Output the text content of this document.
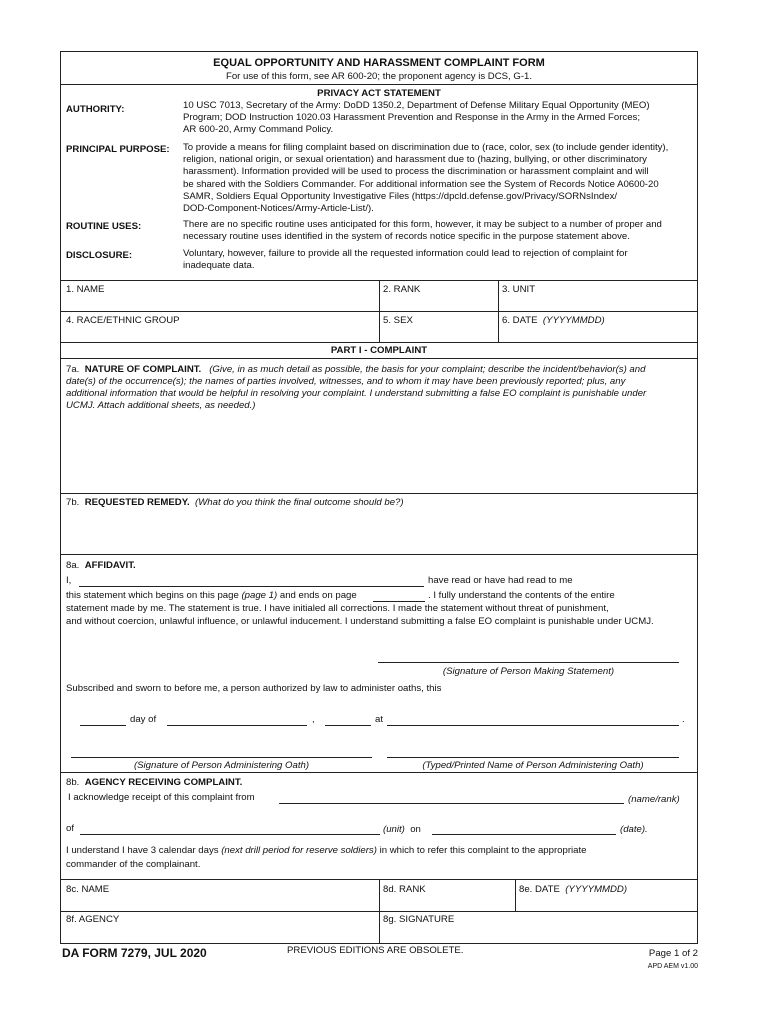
EQUAL OPPORTUNITY AND HARASSMENT COMPLAINT FORM
For use of this form, see AR 600-20; the proponent agency is DCS, G-1.
PRIVACY ACT STATEMENT
AUTHORITY:	10 USC 7013, Secretary of the Army: DoDD 1350.2, Department of Defense Military Equal Opportunity (MEO)
Program; DOD Instruction 1020.03 Harassment Prevention and Response in the Army in the Armed Forces;
AR 600-20, Army Command Policy.
PRINCIPAL PURPOSE: To provide a means for filing complaint based on discrimination due to (race, color, sex (to include gender identity),
religion, national origin, or sexual orientation) and harassment due to (hazing, bullying, or other discriminatory
harassment). Information provided will be used to process the discrimination or harassment complaint and will
be shared with the Soldiers Commander. For additional information see the System of Records Notice A0600-20
SAMR, Soldiers Equal Opportunity Investigative Files (https://dpcld.defense.gov/Privacy/SORNsIndex/
DOD-Component-Notices/Army-Article-List/).
ROUTINE USES:	There are no specific routine uses anticipated for this form, however, it may be subject to a number of proper and
necessary routine uses identified in the system of records notice specific in the purpose statement above.
DISCLOSURE:	Voluntary, however, failure to provide all the requested information could lead to rejection of complaint for
inadequate data.
1. NAME	2. RANK	3. UNIT
4. RACE/ETHNIC GROUP	5. SEX	6. DATE (YYYYMMDD)
PART I - COMPLAINT
7a. NATURE OF COMPLAINT. (Give, in as much detail as possible, the basis for your complaint; describe the incident/behavior(s) and
date(s) of the occurrence(s); the names of parties involved, witnesses, and to whom it may have been previously reported; plus, any
additional information that would be helpful in resolving your complaint. I understand submitting a false EO complaint is punishable under
UCMJ. Attach additional sheets, as needed.)
7b. REQUESTED REMEDY. (What do you think the final outcome should be?)
8a. AFFIDAVIT.
I,	have read or have had read to me
this statement which begins on this page (page 1) and ends on page	. I fully understand the contents of the entire
statement made by me. The statement is true. I have initialed all corrections. I made the statement without threat of punishment,
and without coercion, unlawful influence, or unlawful inducement. I understand submitting a false EO complaint is punishable under UCMJ.
(Signature of Person Making Statement)
Subscribed and sworn to before me, a person authorized by law to administer oaths, this
day of	,	at	.
(Signature of Person Administering Oath)	(Typed/Printed Name of Person Administering Oath)
8b. AGENCY RECEIVING COMPLAINT.
I acknowledge receipt of this complaint from	(name/rank)
of	(unit) on	(date).
I understand I have 3 calendar days (next drill period for reserve soldiers) in which to refer this complaint to the appropriate
commander of the complainant.
8c. NAME	8d. RANK	8e. DATE (YYYYMMDD)
8f. AGENCY	8g. SIGNATURE
DA FORM 7279, JUL 2020	PREVIOUS EDITIONS ARE OBSOLETE.	Page 1 of 2
APD AEM v1.00
